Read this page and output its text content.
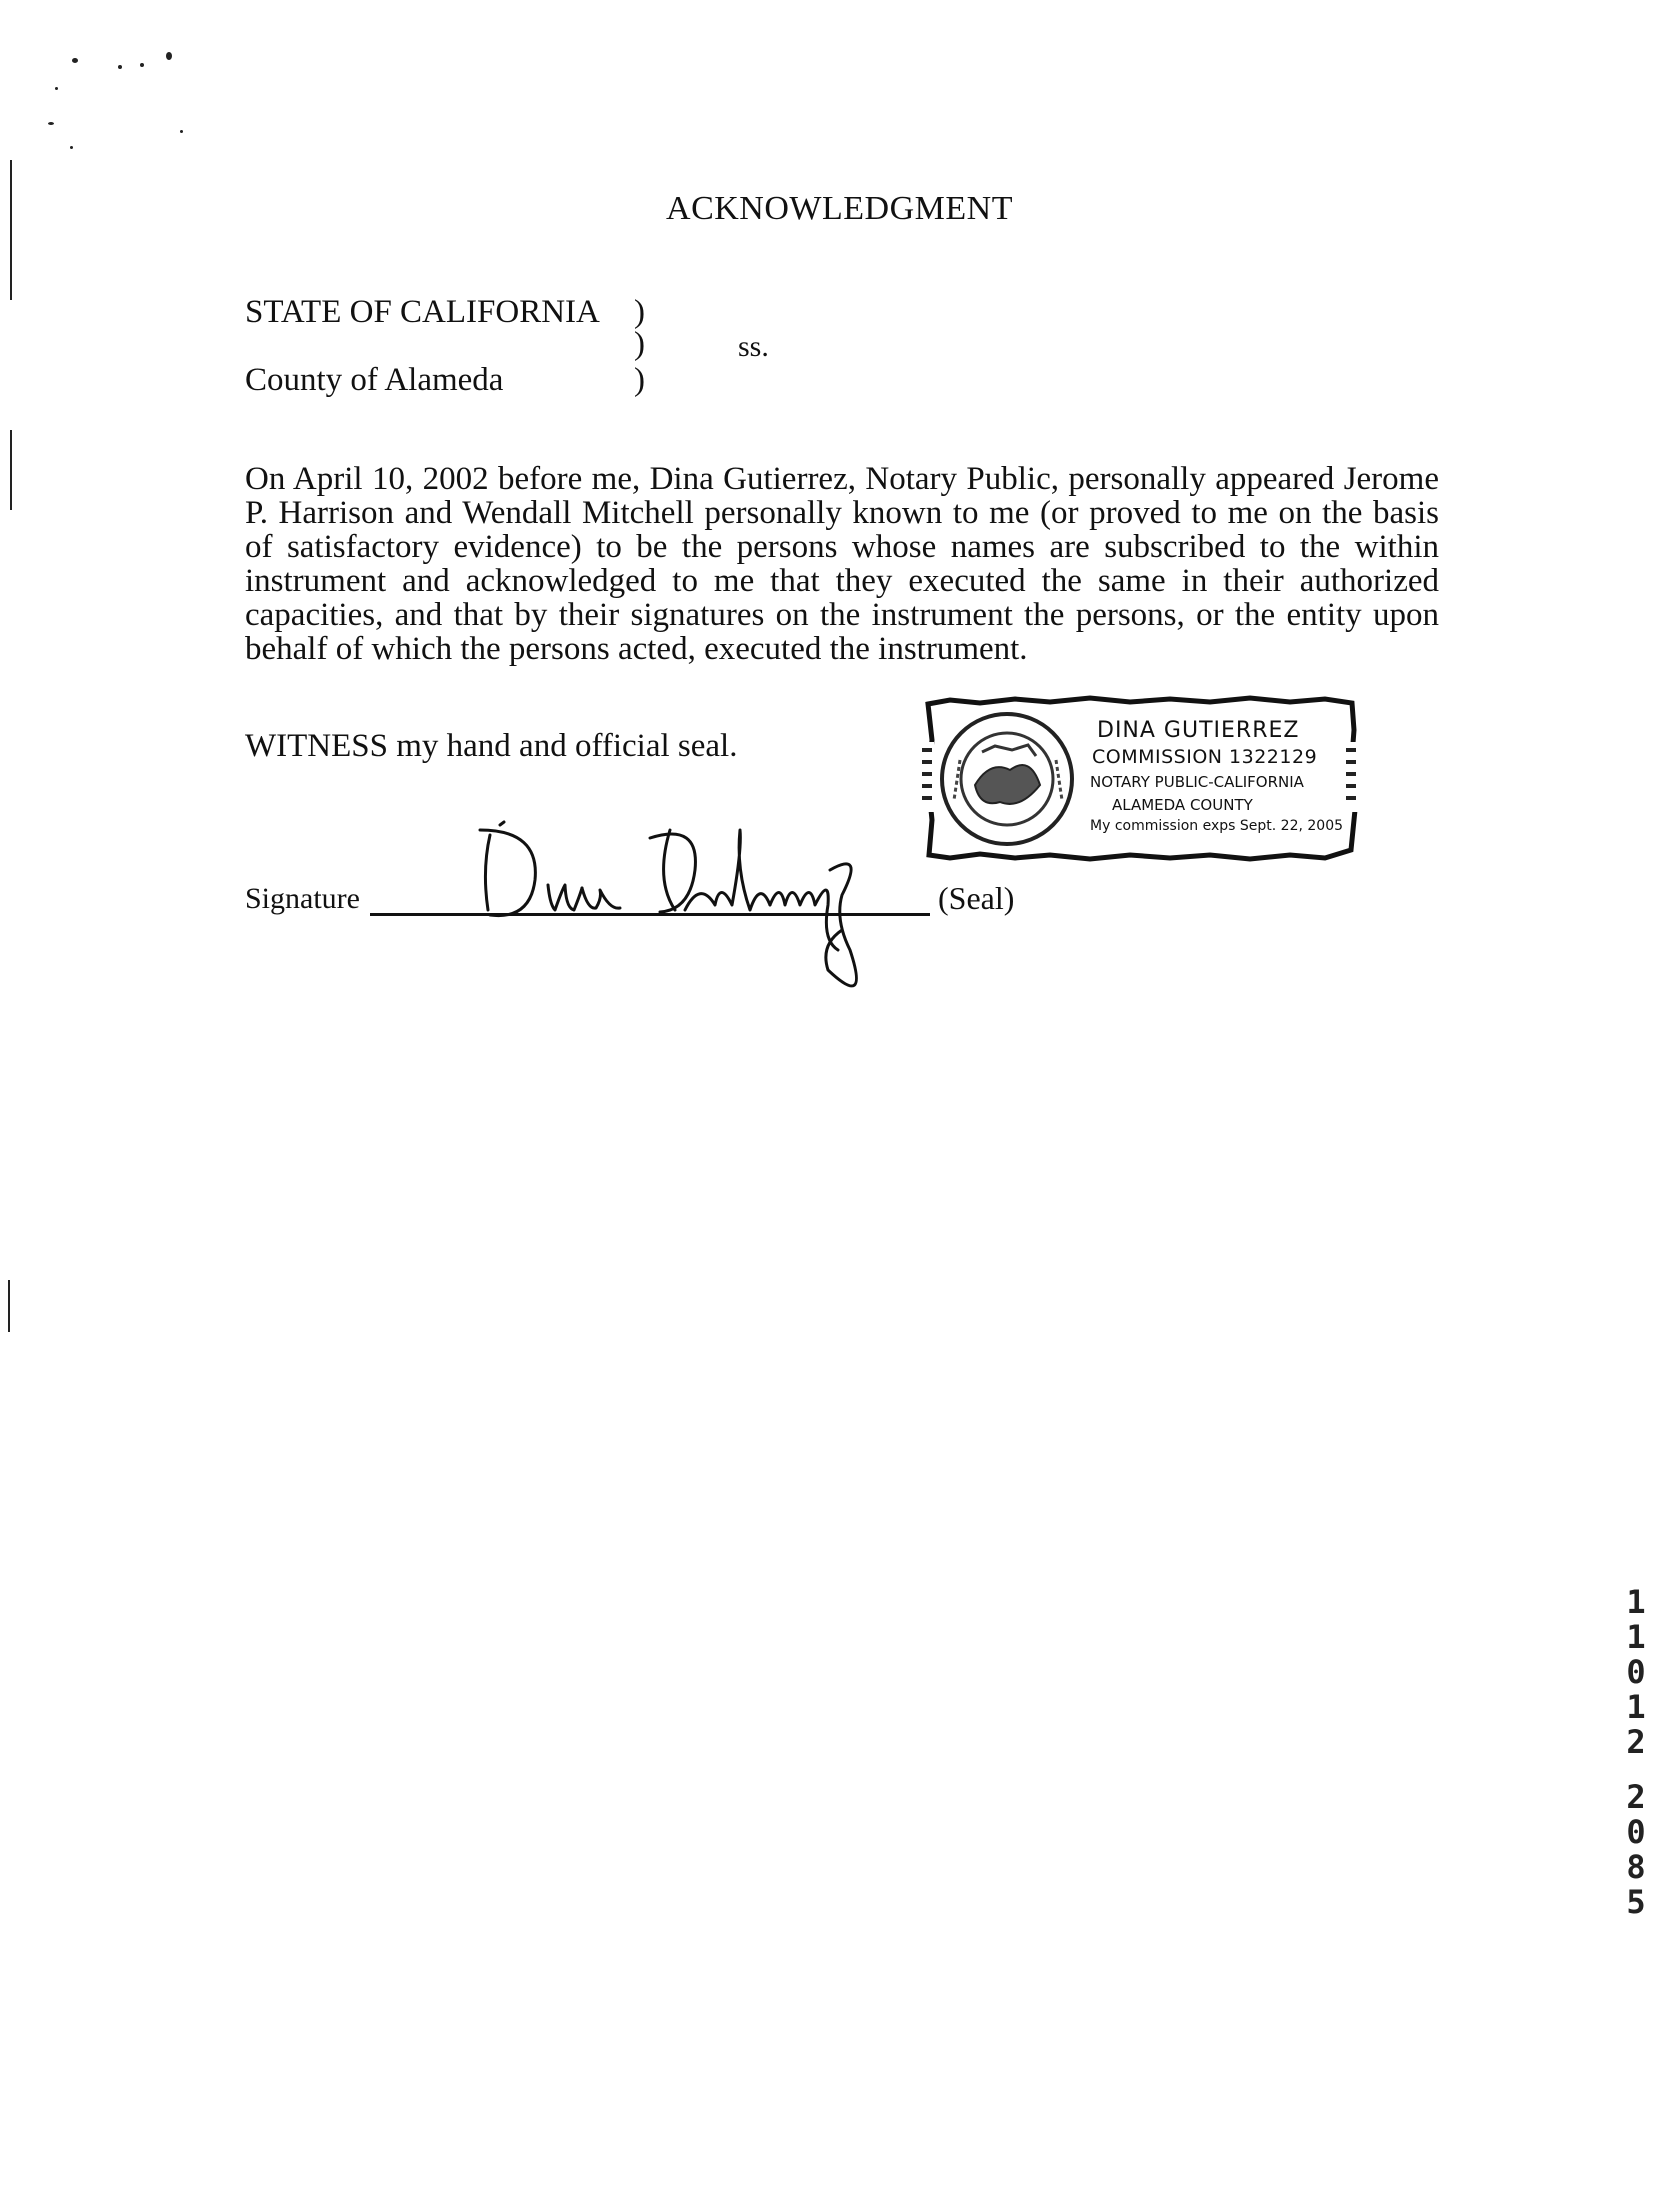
ACKNOWLEDGMENT
STATE OF CALIFORNIA )
)	ss.
County of Alameda	)
On April 10, 2002 before me, Dina Gutierrez, Notary Public, personally appeared Jerome P. Harrison and Wendall Mitchell personally known to me (or proved to me on the basis of satisfactory evidence) to be the persons whose names are subscribed to the within instrument and acknowledged to me that they executed the same in their authorized capacities, and that by their signatures on the instrument the persons, or the entity upon behalf of which the persons acted, executed the instrument.
WITNESS my hand and official seal.	DINA GUTIERREZ
COMMISSION 1322129
NOTARY PUBLIC-CALIFORNIA
ALAMEDA COUNTY
My commission exps Sept. 22, 2005
Signature	(Seal)
1
1
0
1
2
2
0
8
5
